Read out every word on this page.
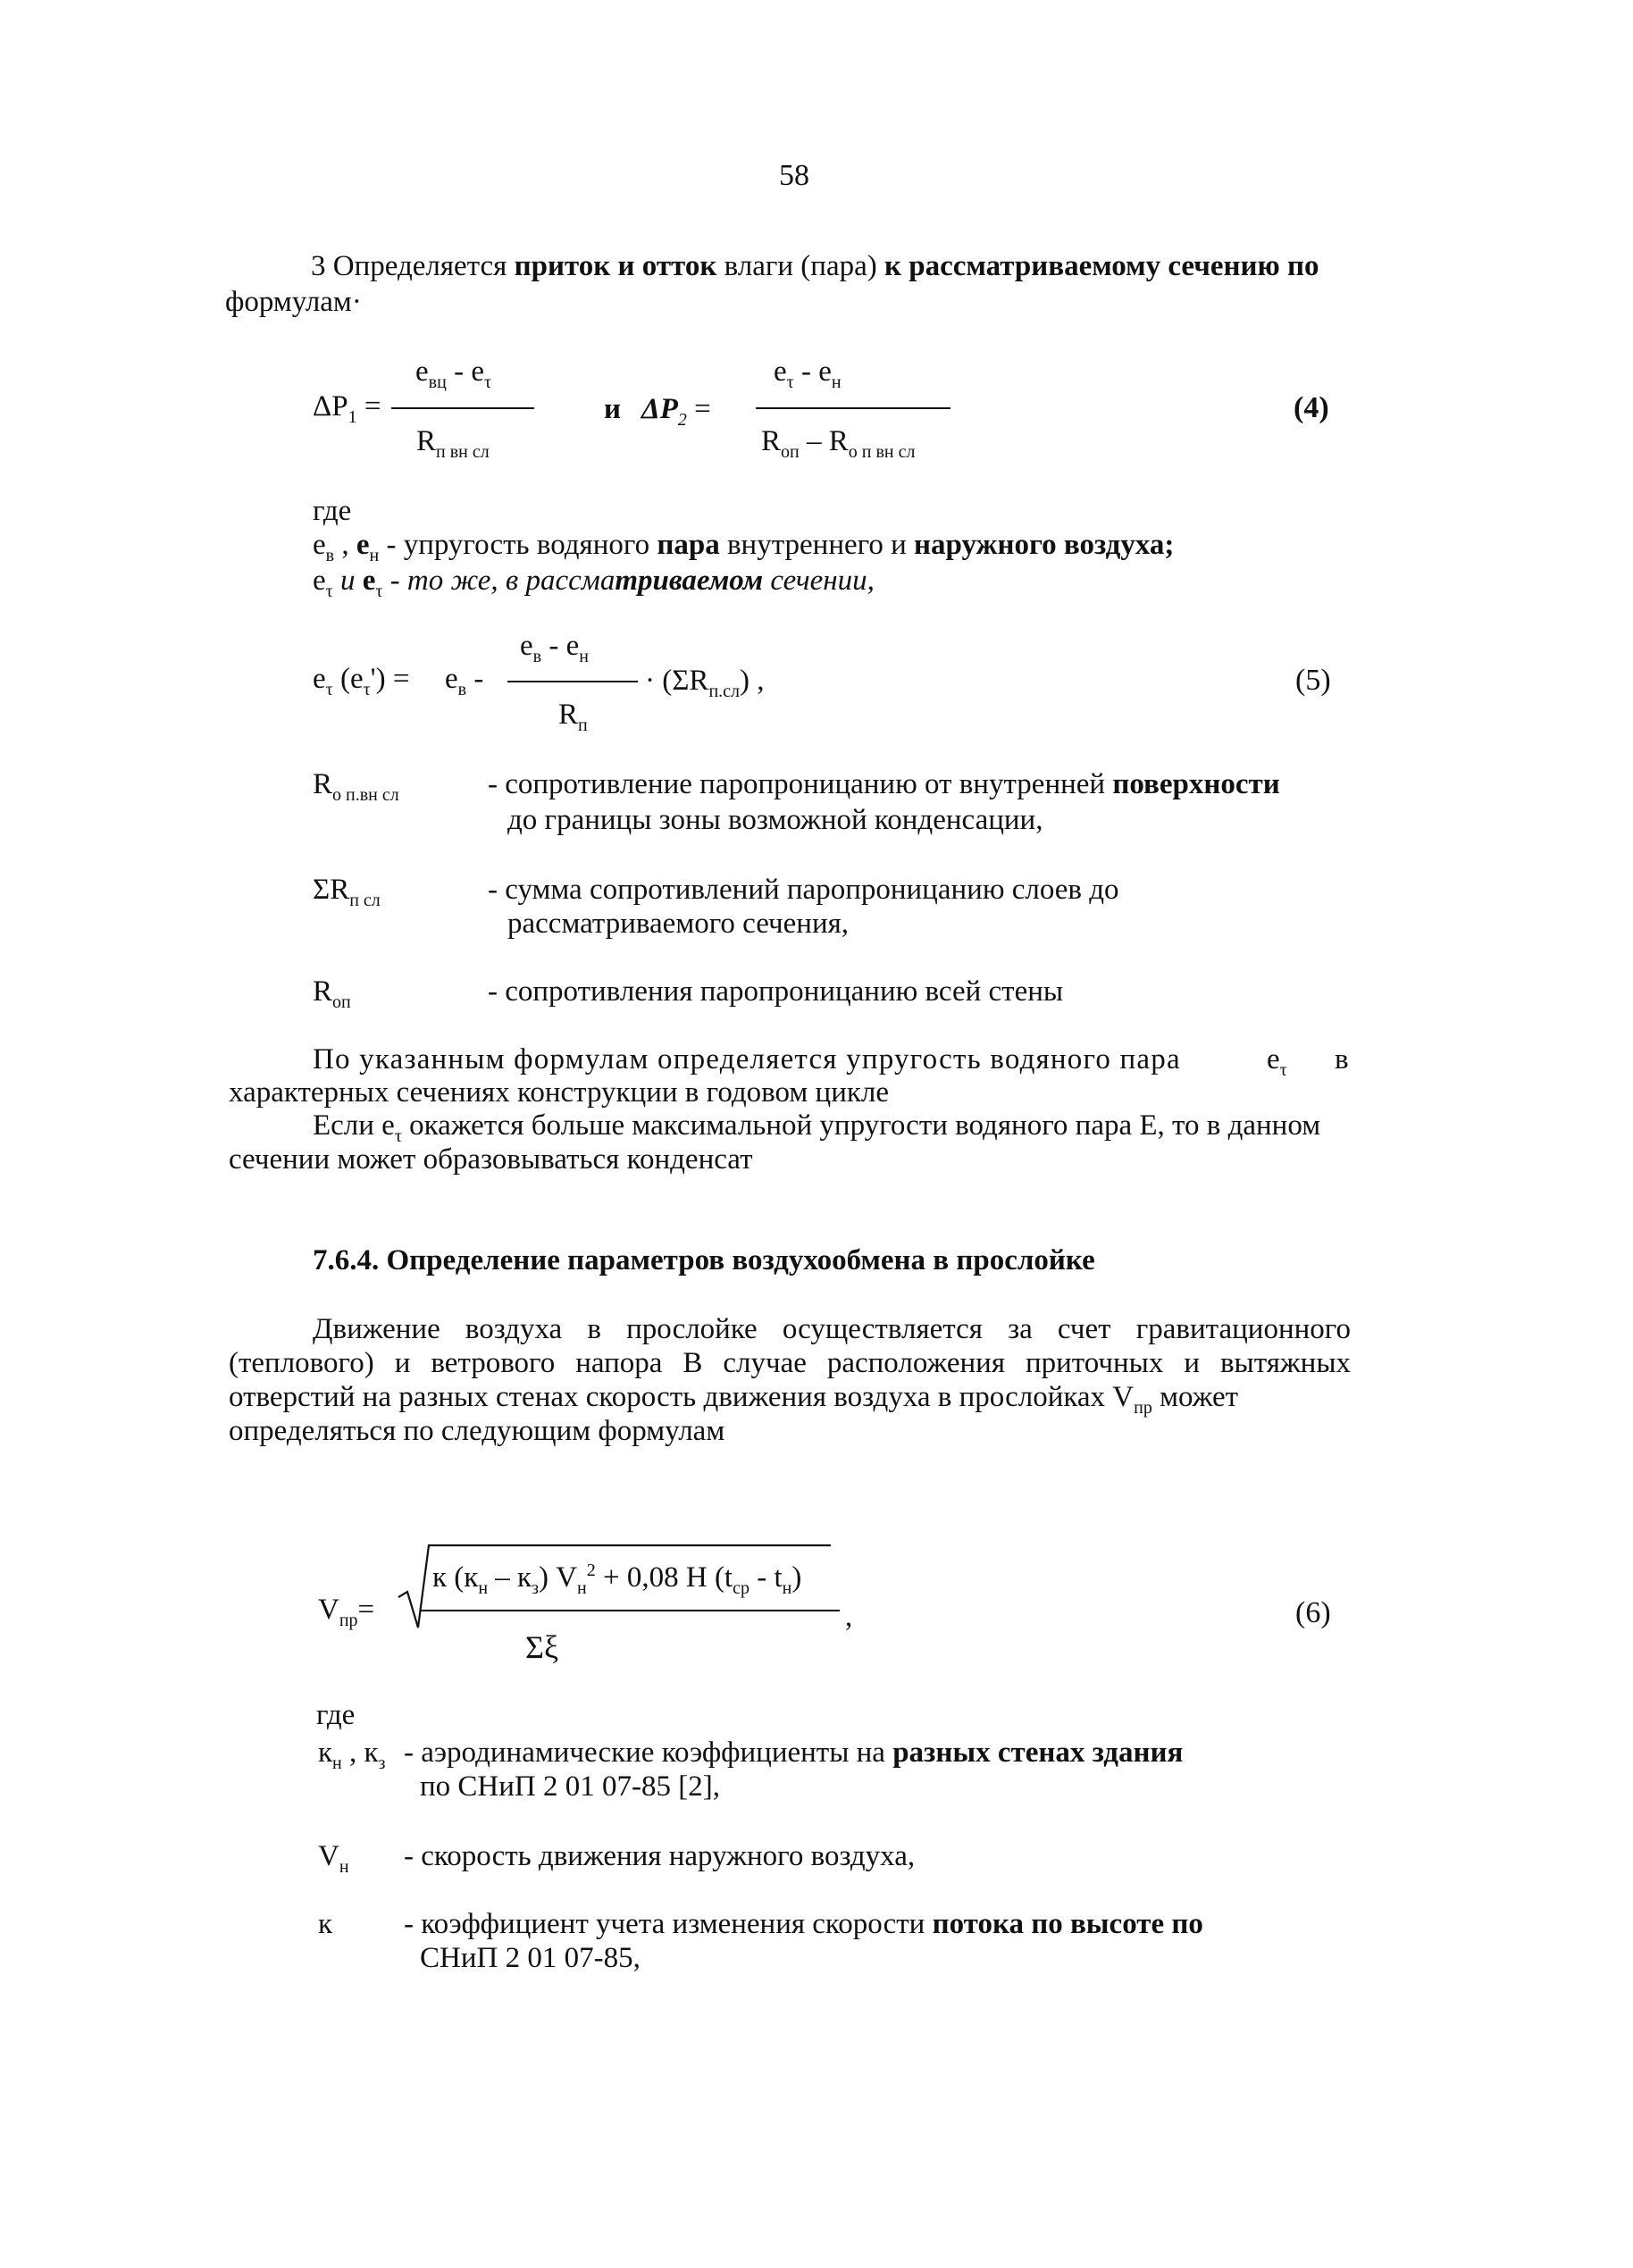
58
3 Определяется приток и отток влаги (пара) к рассматриваемому сечению по
формулам·
$\Delta P_1$ =
$e_{вц} - e_\tau$
$R_{п вн сл}$
и $\Delta P_2$ =
$e_\tau - e_н$
$R_{оп} - R_{о п вн сл}$
(4)
где
$e_в$ , $e_н$ - упругость водяного пара внутреннего и наружного воздуха;
$e_\tau$ и $e_\tau$ - то же, в рассматриваемом сечении,
$e_\tau$ $(e_\tau') = e_в$ -
$e_в - e_н$
$R_п$
· $(\Sigma R_{п.сл})$ ,	(5)
$R_{о п.вн сл}$	- сопротивление паропроницанию от внутренней поверхности
до границы зоны возможной конденсации,
$\Sigma R_{п сл}$	- сумма сопротивлений паропроницанию слоев до
рассматриваемого сечения,
$R_{оп}$	- сопротивления паропроницанию всей стены
По указанным формулам определяется упругость водяного пара	$e_\tau$ в
характерных сечениях конструкции в годовом цикле
Если $e_\tau$ окажется больше максимальной упругости водяного пара Е, то в данном
сечении может образовываться конденсат
7.6.4. Определение параметров воздухообмена в прослойке
Движение воздуха в прослойке осуществляется за счет гравитационного
(теплового) и ветрового напора В случае расположения приточных и вытяжных
отверстий на разных стенах скорость движения воздуха в прослойках $V_{пр}$ может
определяться по следующим формулам
$V_{пр}=$
к $(к_н - к_з) V_н^2 + 0,08$ Н $(t_{ср} - t_н)$
Σξ
,	(6)
где
$к_н$ , $к_з$ - аэродинамические коэффициенты на разных стенах здания
по СНиП 2 01 07-85 [2],
$V_н$ - скорость движения наружного воздуха,
к - коэффициент учета изменения скорости потока по высоте по
СНиП 2 01 07-85,
